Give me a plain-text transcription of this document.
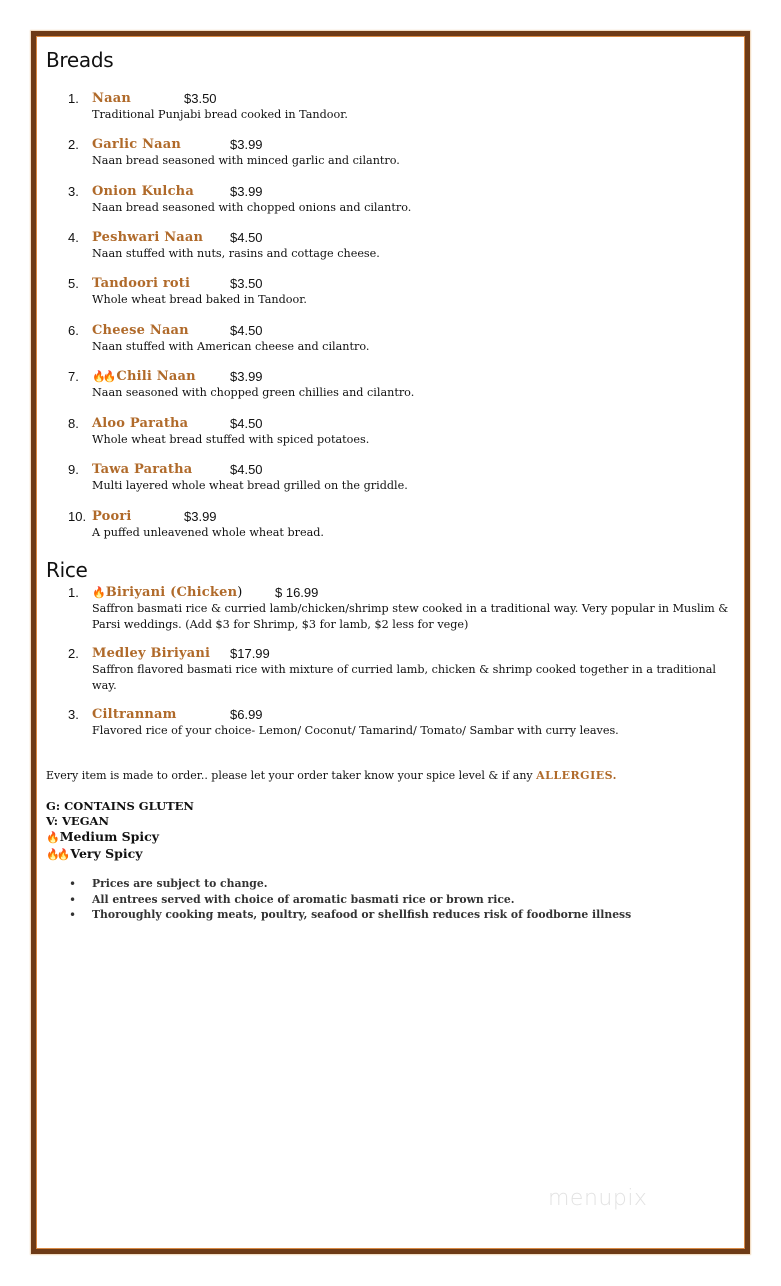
Breads
1.	Naan	$3.50
Traditional Punjabi bread cooked in Tandoor.
2.	Garlic Naan	$3.99
Naan bread seasoned with minced garlic and cilantro.
3.	Onion Kulcha	$3.99
Naan bread seasoned with chopped onions and cilantro.
4.	Peshwari Naan $4.50
Naan stuffed with nuts, rasins and cottage cheese.
5.	Tandoori roti	$3.50
Whole wheat bread baked in Tandoor.
6.	Cheese Naan	$4.50
Naan stuffed with American cheese and cilantro.
7.	🔥🔥 Chili Naan	$3.99
Naan seasoned with chopped green chillies and cilantro.
8.	Aloo Paratha	$4.50
Whole wheat bread stuffed with spiced potatoes.
9.	Tawa Paratha	$4.50
Multi layered whole wheat bread grilled on the griddle.
10. Poori	$3.99
A puffed unleavened whole wheat bread.
Rice
1.	🔥 Biriyani (Chicken) $ 16.99
Saffron basmati rice & curried lamb/chicken/shrimp stew cooked in a traditional way. Very popular in Muslim & Parsi weddings. (Add $3 for Shrimp, $3 for lamb, $2 less for vege)
2.	Medley Biriyani $17.99
Saffron flavored basmati rice with mixture of curried lamb, chicken & shrimp cooked together in a traditional way.
3.	Ciltrannam	$6.99
Flavored rice of your choice- Lemon/ Coconut/ Tamarind/ Tomato/ Sambar with curry leaves.
Every item is made to order.. please let your order taker know your spice level & if any ALLERGIES.
G: CONTAINS GLUTEN
V: VEGAN
🔥 Medium Spicy
🔥🔥 Very Spicy
• Prices are subject to change.
• All entrees served with choice of aromatic basmati rice or brown rice.
• Thoroughly cooking meats, poultry, seafood or shellfish reduces risk of foodborne illness
menupix
